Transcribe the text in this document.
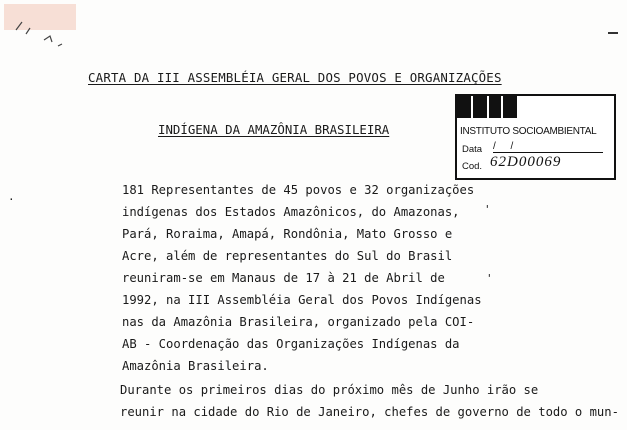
CARTA DA III ASSEMBLÉIA GERAL DOS POVOS E ORGANIZAÇÕES
INDÍGENA DA AMAZÔNIA BRASILEIRA	INSTITUTO SOCIOAMBIENTAL
Data / /
Cod. 62D00069
181 Representantes de 45 povos e 32 organizações
indígenas dos Estados Amazônicos, do Amazonas,
Pará, Roraima, Amapá, Rondônia, Mato Grosso e
Acre, além de representantes do Sul do Brasil
reuniram-se em Manaus de 17 à 21 de Abril de
1992, na III Assembléia Geral dos Povos Indígenas
nas da Amazônia Brasileira, organizado pela COI-
AB - Coordenação das Organizações Indígenas da
Amazônia Brasileira.
Durante os primeiros dias do próximo mês de Junho irão se
reunir na cidade do Rio de Janeiro, chefes de governo de todo o mun-
'
'
·
